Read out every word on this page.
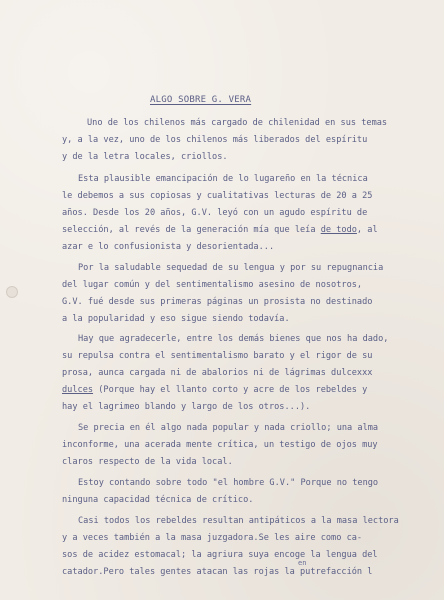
ALGO SOBRE G. VERA
Uno de los chilenos más cargado de chilenidad en sus temas
y, a la vez, uno de los chilenos más liberados del espíritu
y de la letra locales, criollos.
Esta plausible emancipación de lo lugareño en la técnica
le debemos a sus copiosas y cualitativas lecturas de 20 a 25
años. Desde los 20 años, G.V. leyó con un agudo espíritu de
selección, al revés de la generación mía que leía de todo, al
azar e lo confusionista y desorientada...
Por la saludable sequedad de su lengua y por su repugnancia
del lugar común y del sentimentalismo asesino de nosotros,
G.V. fué desde sus primeras páginas un prosista no destinado
a la popularidad y eso sigue siendo todavía.
Hay que agradecerle, entre los demás bienes que nos ha dado,
su repulsa contra el sentimentalismo barato y el rigor de su
prosa, aunca cargada ni de abalorios ni de lágrimas dulcexxx
dulces (Porque hay el llanto corto y acre de los rebeldes y
hay el lagrimeo blando y largo de los otros...).
Se precia en él algo nada popular y nada criollo; una alma
inconforme, una acerada mente crítica, un testigo de ojos muy
claros respecto de la vida local.
Estoy contando sobre todo "el hombre G.V." Porque no tengo
ninguna capacidad técnica de crítico.
Casi todos los rebeldes resultan antipáticos a la masa lectora
y a veces también a la masa juzgadora.Se les aire como ca-
sos de acidez estomacal; la agriura suya encoge la lengua del
catador.Pero tales gentes atacan las rojas la putrefacción l
en
